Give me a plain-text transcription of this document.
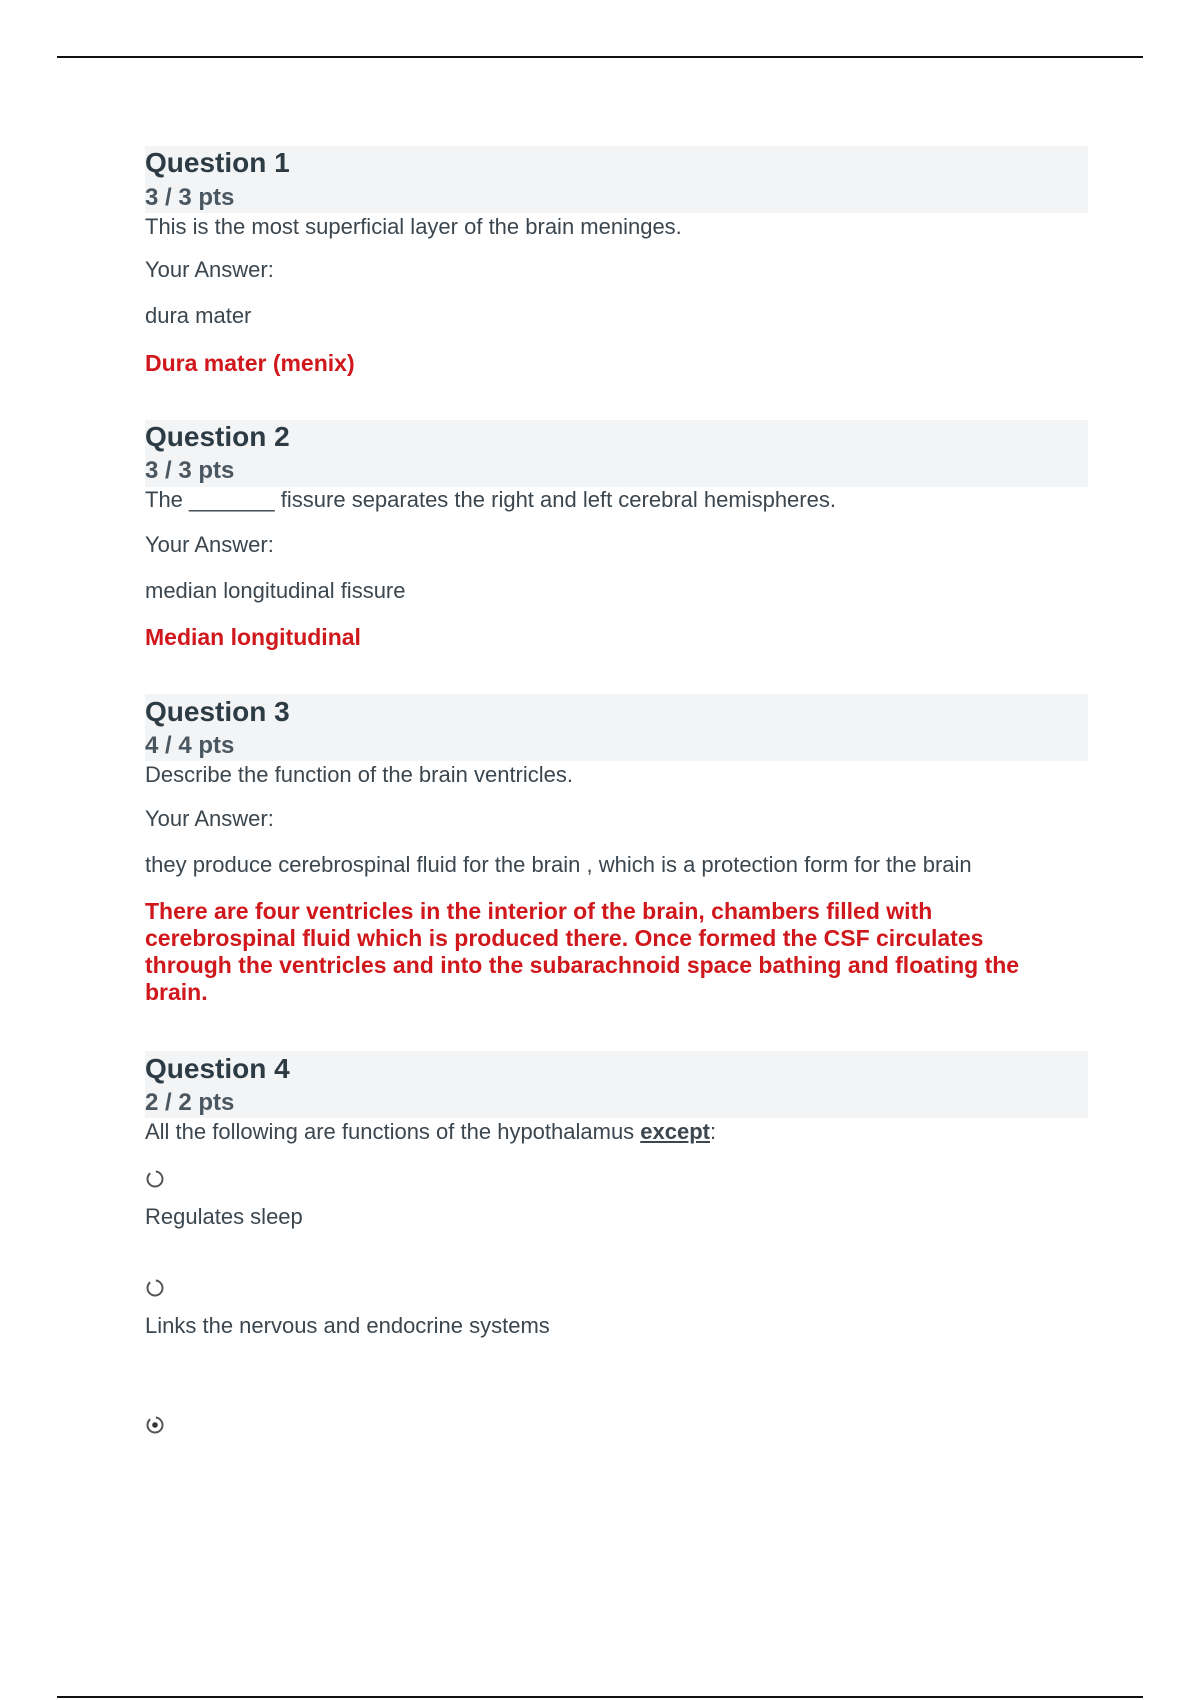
Question 1
3 / 3 pts
This is the most superficial layer of the brain meninges.
Your Answer:
dura mater
Dura mater (menix)
Question 2
3 / 3 pts
The _______ fissure separates the right and left cerebral hemispheres.
Your Answer:
median longitudinal fissure
Median longitudinal
Question 3
4 / 4 pts
Describe the function of the brain ventricles.
Your Answer:
they produce cerebrospinal fluid for the brain , which is a protection form for the brain
There are four ventricles in the interior of the brain, chambers filled with cerebrospinal fluid which is produced there. Once formed the CSF circulates through the ventricles and into the subarachnoid space bathing and floating the brain.
Question 4
2 / 2 pts
All the following are functions of the hypothalamus except:
Regulates sleep
Links the nervous and endocrine systems
